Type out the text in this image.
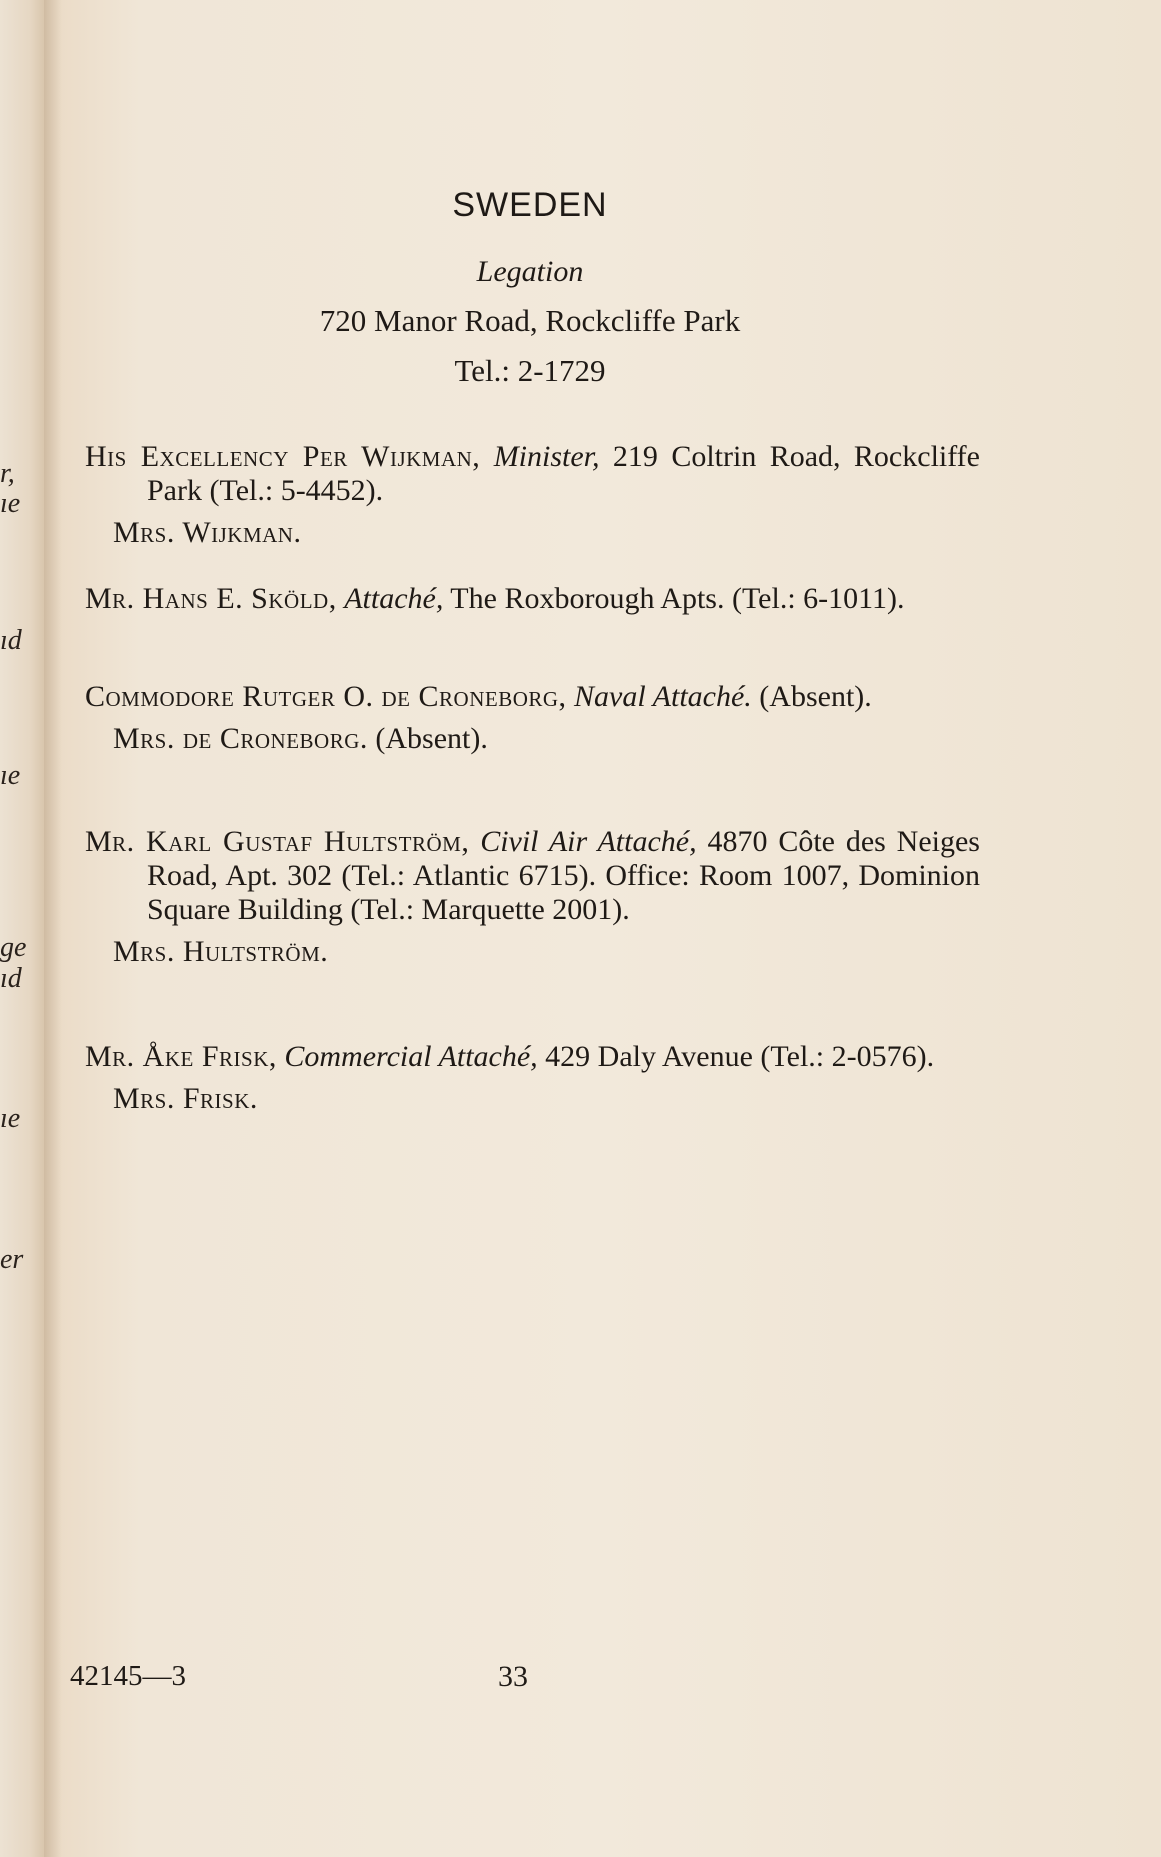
r,
ıe
ıd
ıe
ge
ıd
ıe
er
SWEDEN
Legation
720 Manor Road, Rockcliffe Park
Tel.: 2-1729
His Excellency Per Wijkman, Minister, 219 Coltrin Road, Rockcliffe Park (Tel.: 5-4452).
Mrs. Wijkman.
Mr. Hans E. Sköld, Attaché, The Roxborough Apts. (Tel.: 6-1011).
Commodore Rutger O. de Croneborg, Naval Attaché. (Absent).
Mrs. de Croneborg. (Absent).
Mr. Karl Gustaf Hultström, Civil Air Attaché, 4870 Côte des Neiges Road, Apt. 302 (Tel.: Atlantic 6715). Office: Room 1007, Dominion Square Building (Tel.: Marquette 2001).
Mrs. Hultström.
Mr. Åke Frisk, Commercial Attaché, 429 Daly Avenue (Tel.: 2-0576).
Mrs. Frisk.
42145—3	33
